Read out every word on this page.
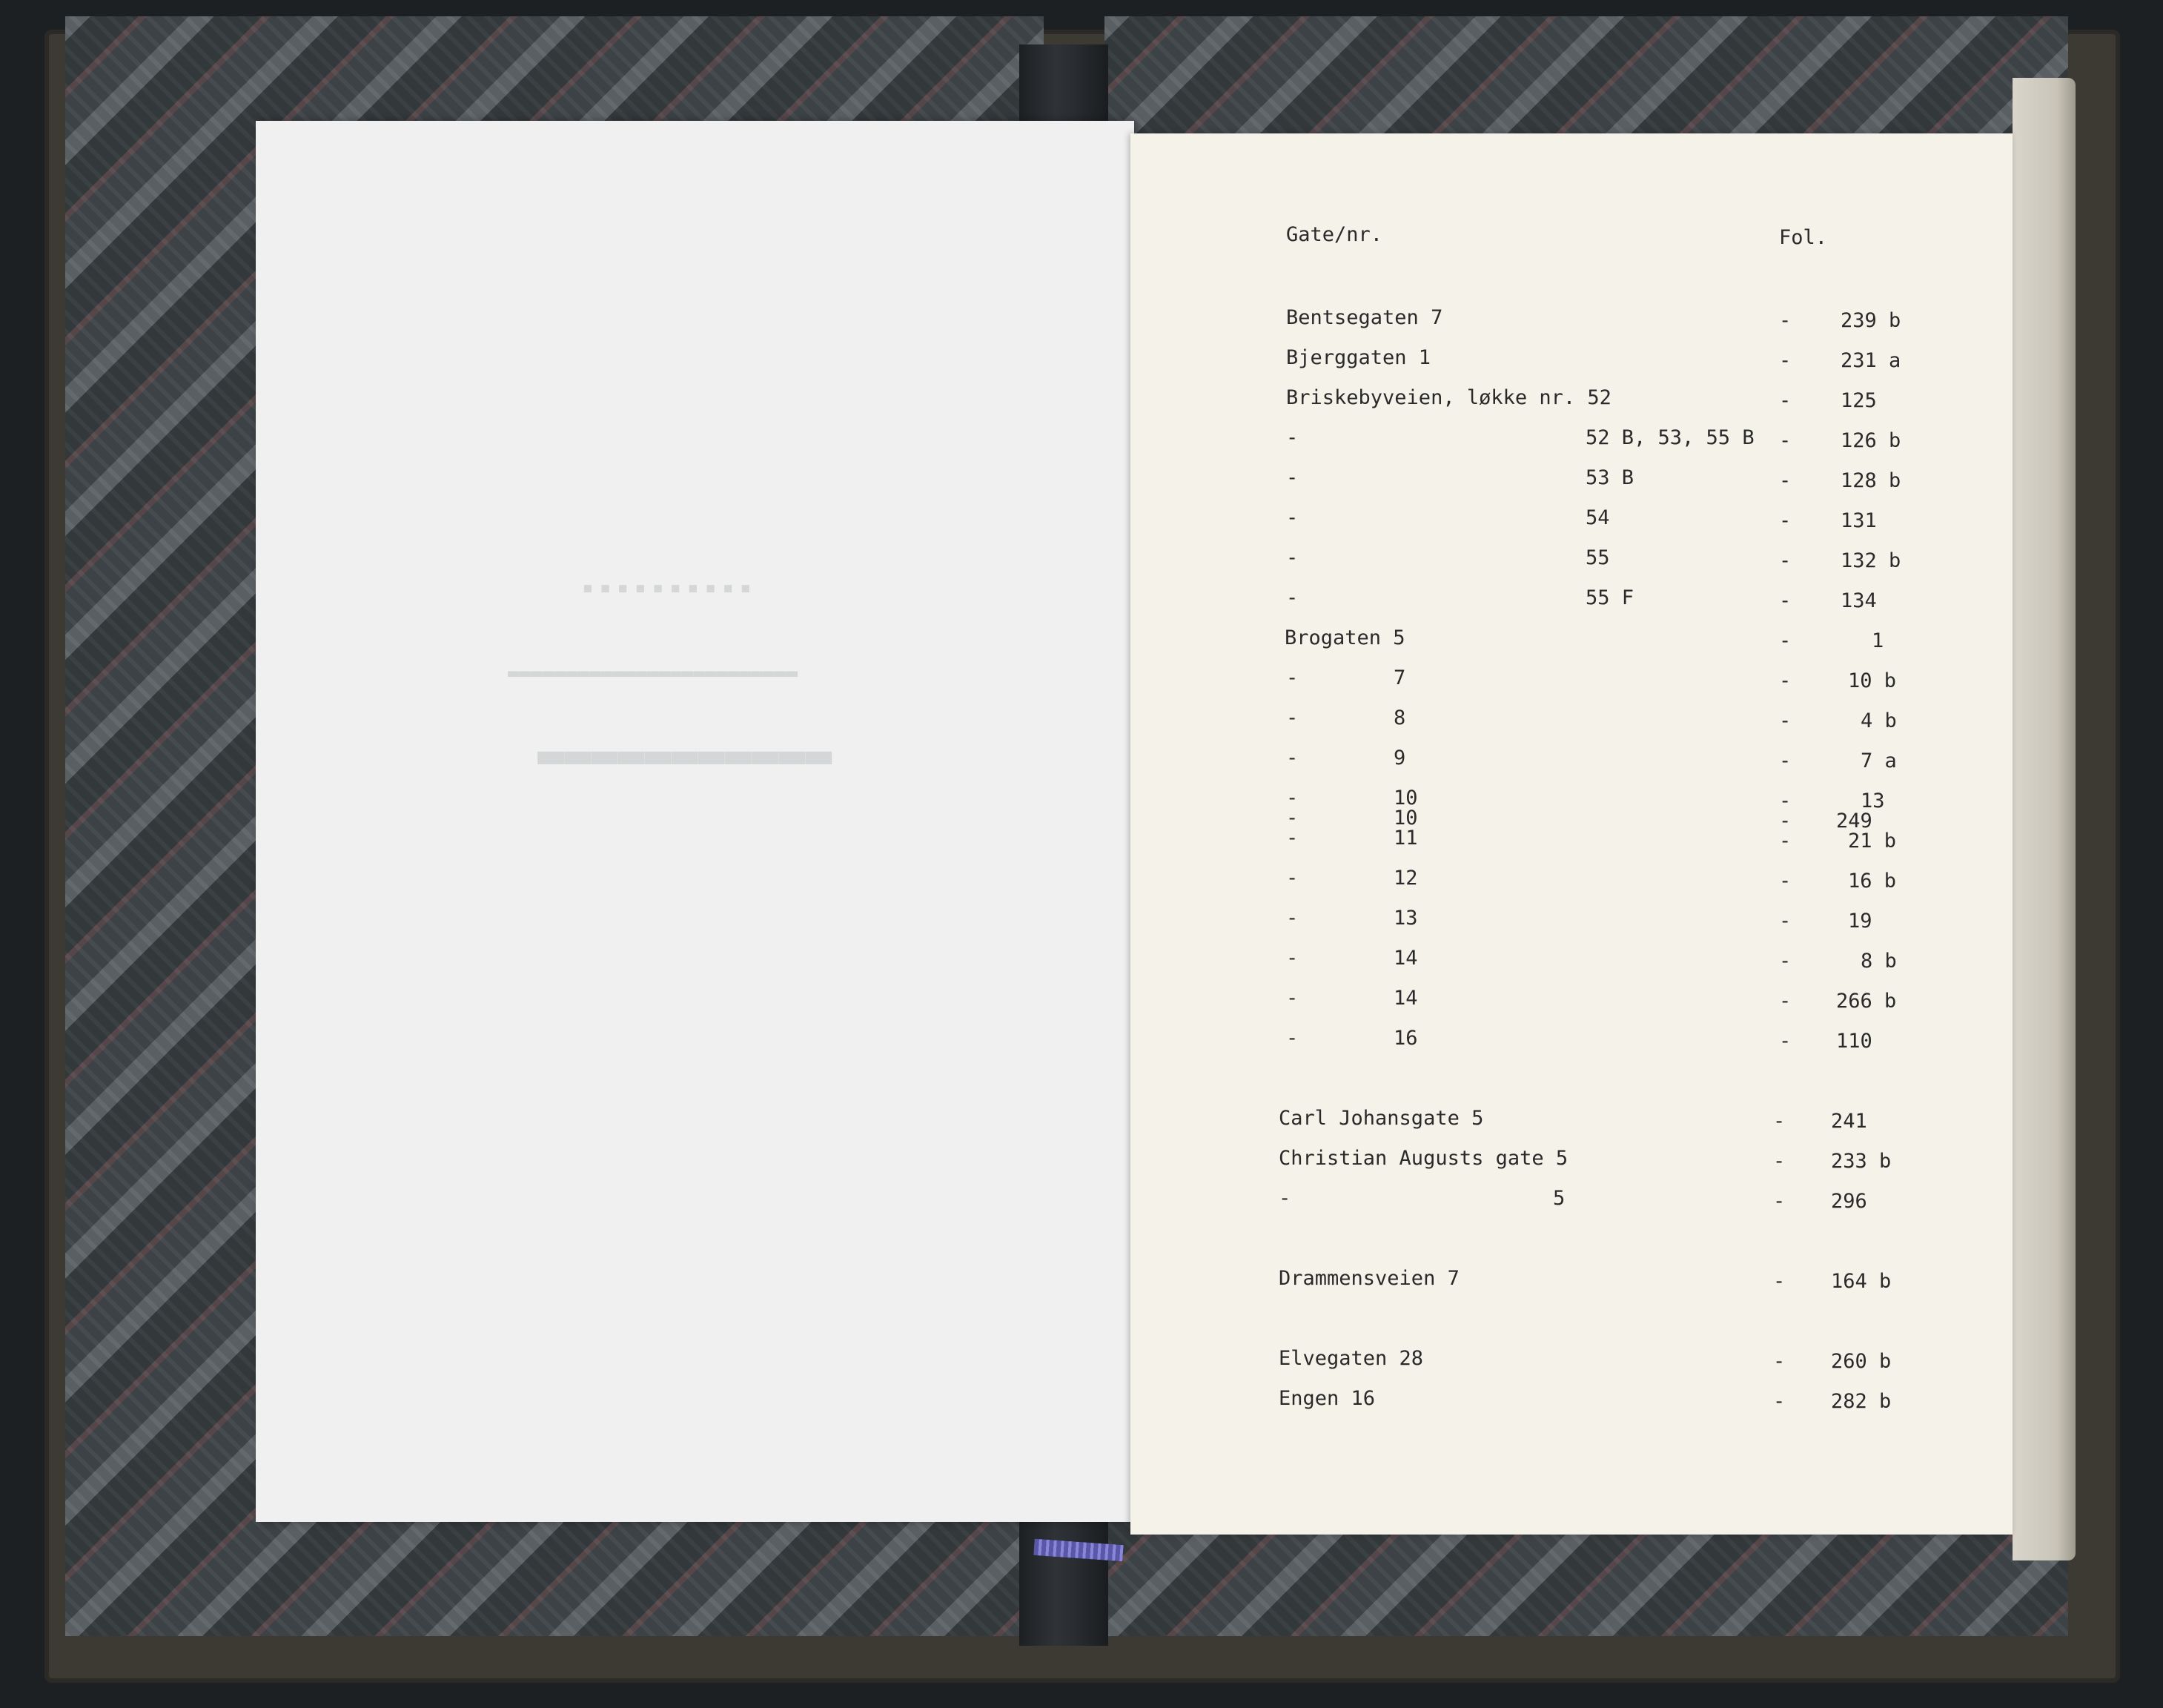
▪▪▪▪▪▪▪▪▪▪
▬▬▬▬▬▬▬▬▬▬▬▬▬▬▬▬▬▬▬▬▬▬▬▬▬
▬▬▬▬▬▬▬▬▬▬▬
Gate/nr.	Fol.
Bentsegaten 7	- 239 b
Bjerggaten 1	- 231 a
Briskebyveien, løkke nr. 52	- 125
-	52 B, 53, 55 B - 126 b
-	53 B	- 128 b
-	54	- 131
-	55	- 132 b
-	55 F	- 134
Brogaten 5	-	1
-	7	-	10 b
-	8	-	4 b
-	9	-	7 a
-	10	-	13
-	10	- 249
-	11	-	21 b
-	12	-	16 b
-	13	-	19
-	14	-	8 b
-	14	- 266 b
-	16	- 110
Carl Johansgate 5	- 241
Christian Augusts gate 5	- 233 b
-	5	- 296
Drammensveien 7	- 164 b
Elvegaten 28	- 260 b
Engen 16	- 282 b
